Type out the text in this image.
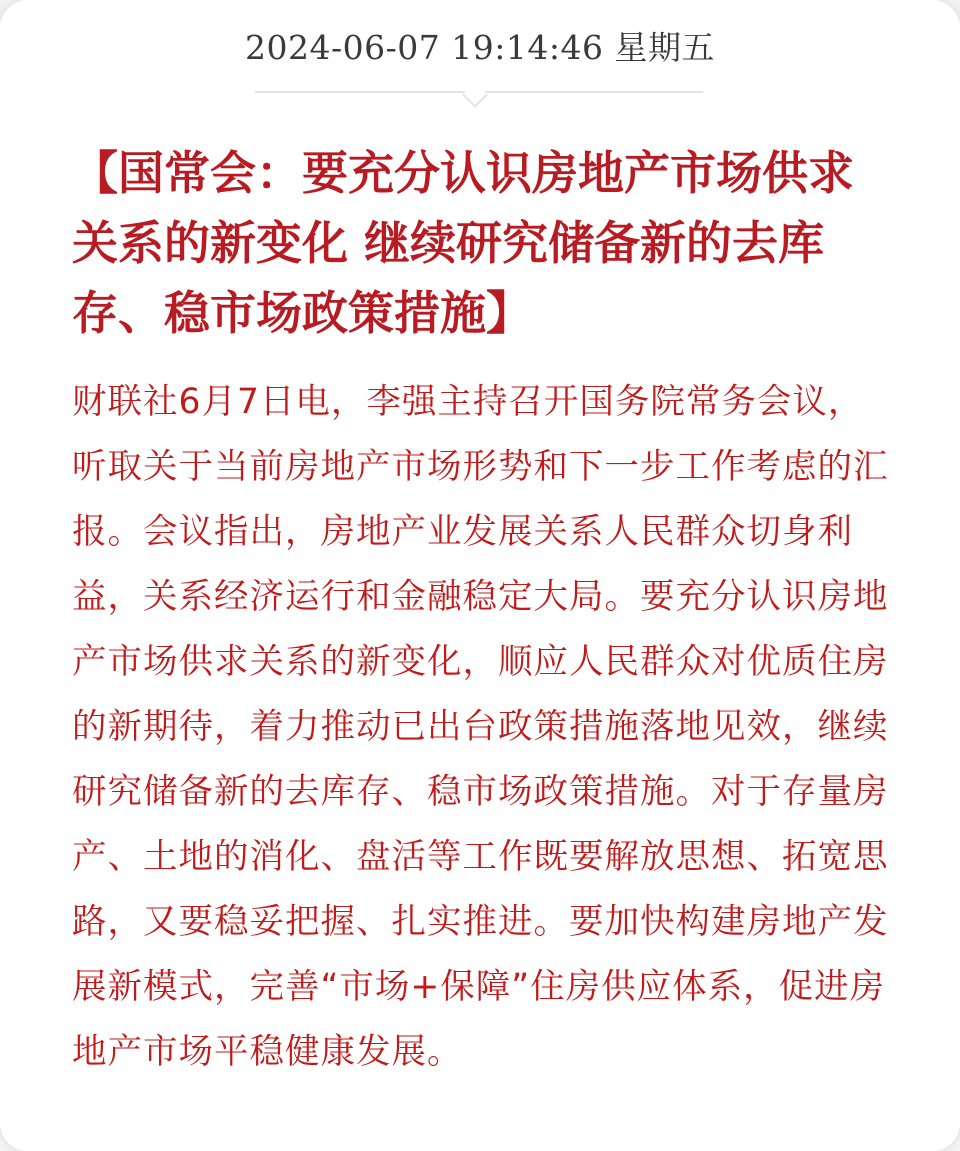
2024-06-07 19:14:46 星期五
【国常会：要充分认识房地产市场供求关系的新变化 继续研究储备新的去库存、稳市场政策措施】

财联社6月7日电，李强主持召开国务院常务会议，听取关于当前房地产市场形势和下一步工作考虑的汇报。会议指出，房地产业发展关系人民群众切身利益，关系经济运行和金融稳定大局。要充分认识房地产市场供求关系的新变化，顺应人民群众对优质住房的新期待，着力推动已出台政策措施落地见效，继续研究储备新的去库存、稳市场政策措施。对于存量房产、土地的消化、盘活等工作既要解放思想、拓宽思路，又要稳妥把握、扎实推进。要加快构建房地产发展新模式，完善“市场+保障”住房供应体系，促进房地产市场平稳健康发展。
